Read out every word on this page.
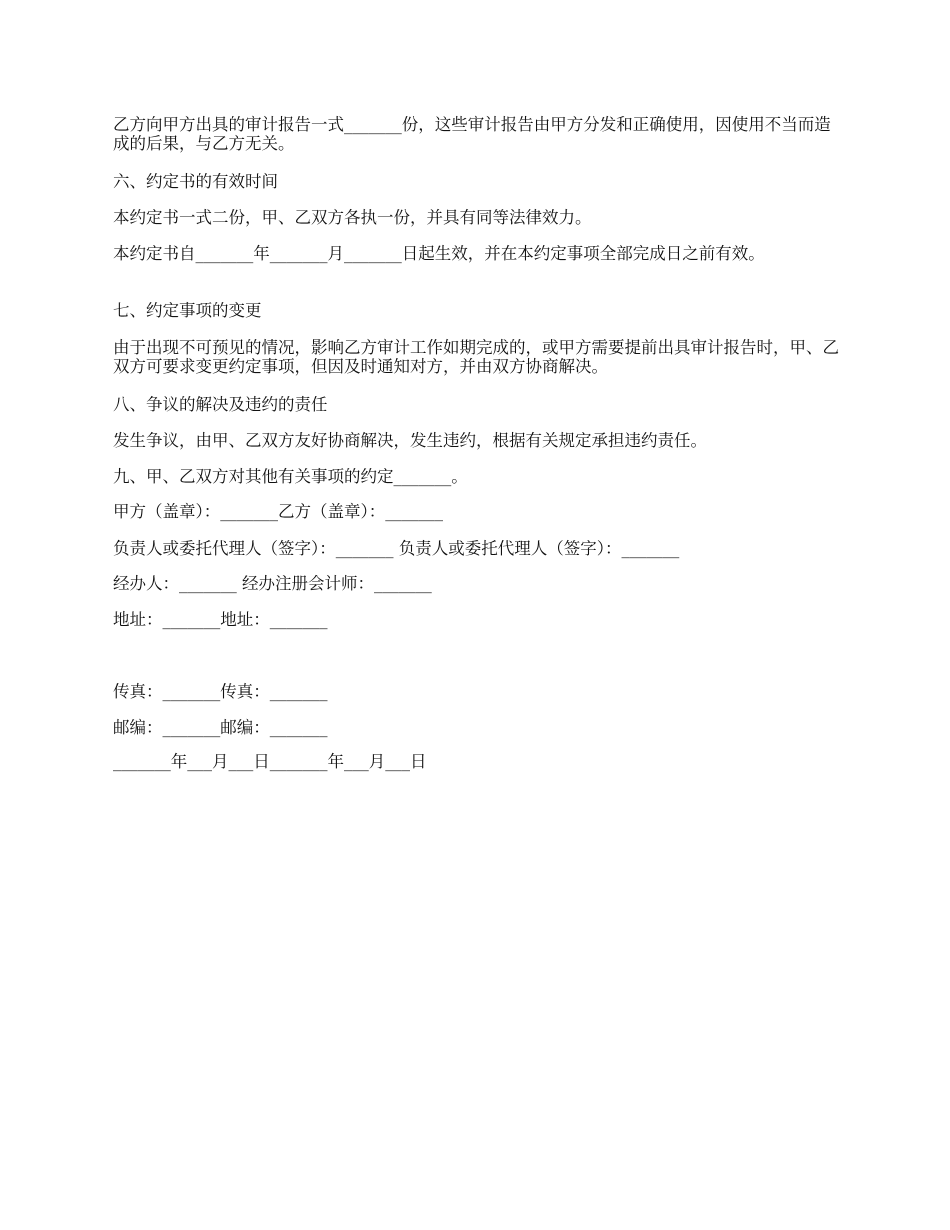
乙方向甲方出具的审计报告一式_______份，这些审计报告由甲方分发和正确使用，因使用不当而造成的后果，与乙方无关。
六、约定书的有效时间
本约定书一式二份，甲、乙双方各执一份，并具有同等法律效力。
本约定书自_______年_______月_______日起生效，并在本约定事项全部完成日之前有效。
七、约定事项的变更
由于出现不可预见的情况，影响乙方审计工作如期完成的，或甲方需要提前出具审计报告时，甲、乙双方可要求变更约定事项，但因及时通知对方，并由双方协商解决。
八、争议的解决及违约的责任
发生争议，由甲、乙双方友好协商解决，发生违约，根据有关规定承担违约责任。
九、甲、乙双方对其他有关事项的约定_______。
甲方（盖章）：_______乙方（盖章）：_______
负责人或委托代理人（签字）：_______ 负责人或委托代理人（签字）：_______
经办人：_______ 经办注册会计师：_______
地址：_______地址：_______
传真：_______传真：_______
邮编：_______邮编：_______
_______年___月___日_______年___月___日
